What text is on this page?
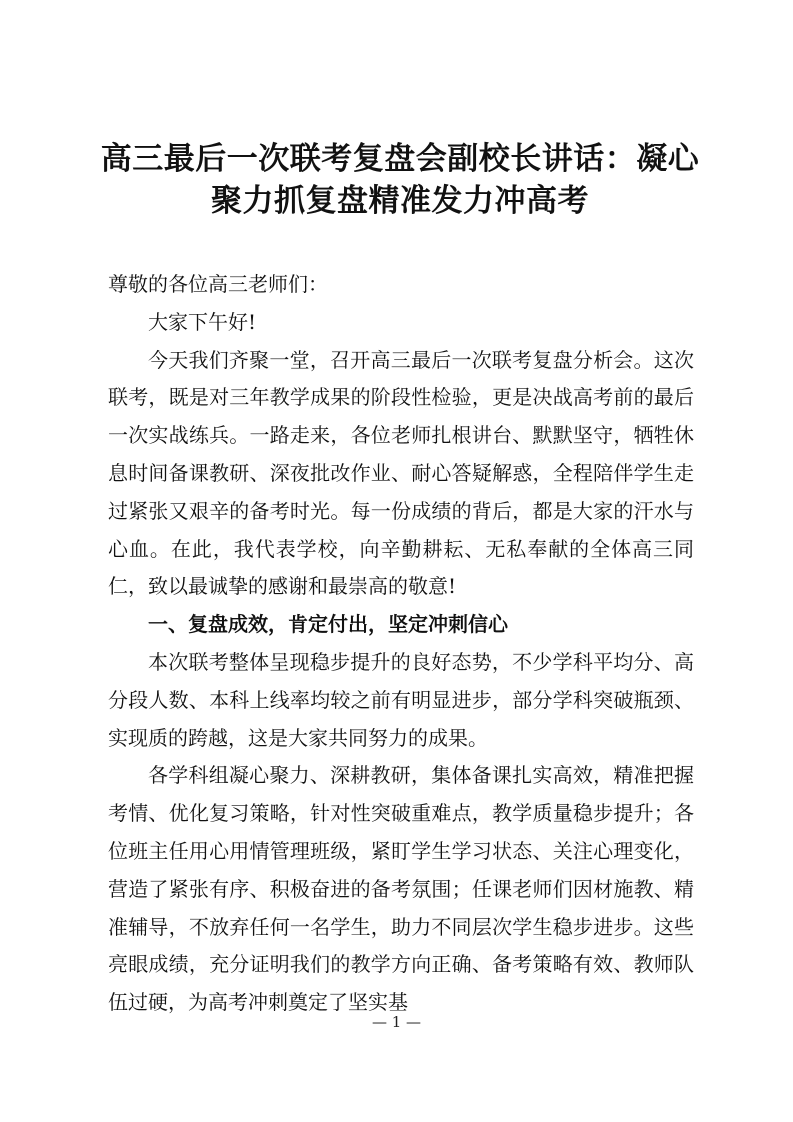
高三最后一次联考复盘会副校长讲话：凝心聚力抓复盘精准发力冲高考

尊敬的各位高三老师们：

大家下午好!

今天我们齐聚一堂，召开高三最后一次联考复盘分析会。这次联考，既是对三年教学成果的阶段性检验，更是决战高考前的最后一次实战练兵。一路走来，各位老师扎根讲台、默默坚守，牺牲休息时间备课教研、深夜批改作业、耐心答疑解惑，全程陪伴学生走过紧张又艰辛的备考时光。每一份成绩的背后，都是大家的汗水与心血。在此，我代表学校，向辛勤耕耘、无私奉献的全体高三同仁，致以最诚挚的感谢和最崇高的敬意!

一、复盘成效，肯定付出，坚定冲刺信心

本次联考整体呈现稳步提升的良好态势，不少学科平均分、高分段人数、本科上线率均较之前有明显进步，部分学科突破瓶颈、实现质的跨越，这是大家共同努力的成果。

各学科组凝心聚力、深耕教研，集体备课扎实高效，精准把握考情、优化复习策略，针对性突破重难点，教学质量稳步提升；各位班主任用心用情管理班级，紧盯学生学习状态、关注心理变化，营造了紧张有序、积极奋进的备考氛围；任课老师们因材施教、精准辅导，不放弃任何一名学生，助力不同层次学生稳步进步。这些亮眼成绩，充分证明我们的教学方向正确、备考策略有效、教师队伍过硬，为高考冲刺奠定了坚实基

— 1 —
